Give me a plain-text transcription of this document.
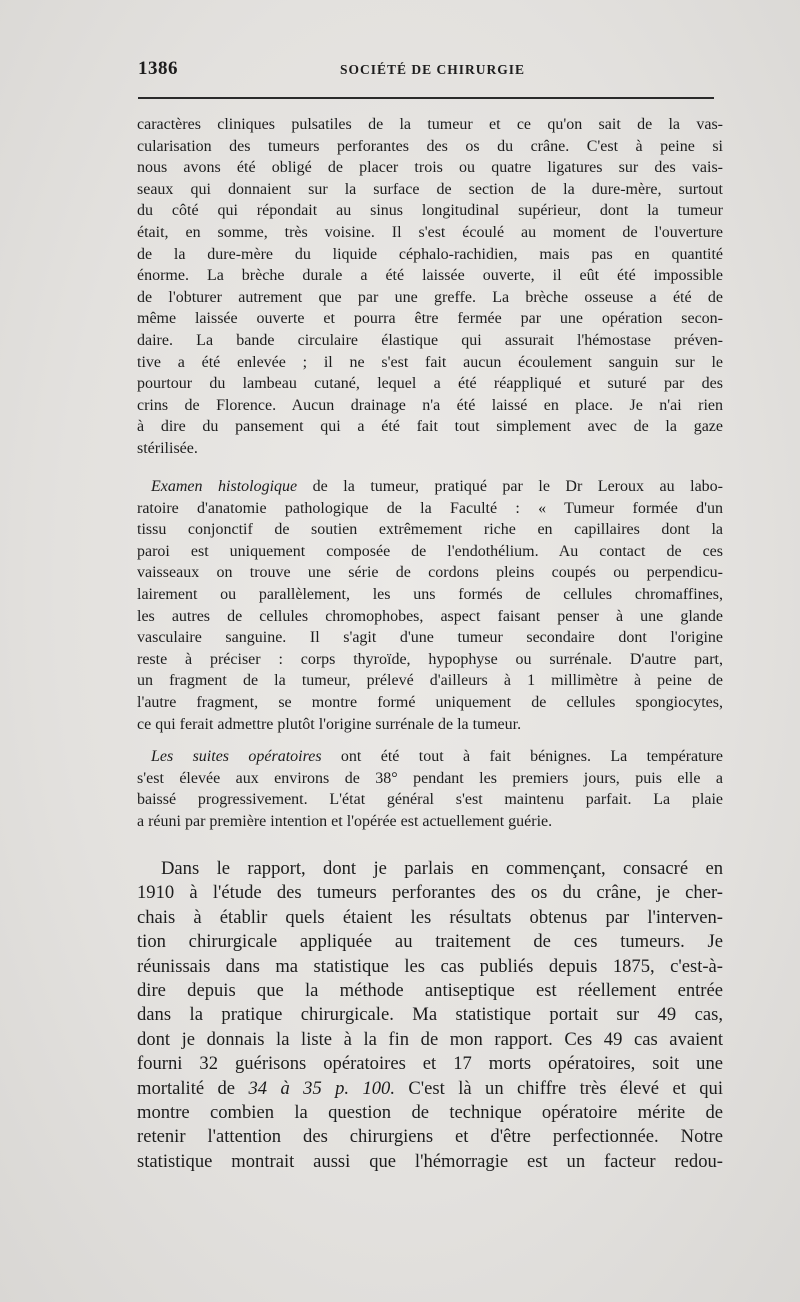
1386	SOCIÉTÉ DE CHIRURGIE
caractères cliniques pulsatiles de la tumeur et ce qu'on sait de la vas-
cularisation des tumeurs perforantes des os du crâne. C'est à peine si
nous avons été obligé de placer trois ou quatre ligatures sur des vais-
seaux qui donnaient sur la surface de section de la dure-mère, surtout
du côté qui répondait au sinus longitudinal supérieur, dont la tumeur
était, en somme, très voisine. Il s'est écoulé au moment de l'ouverture
de la dure-mère du liquide céphalo-rachidien, mais pas en quantité
énorme. La brèche durale a été laissée ouverte, il eût été impossible
de l'obturer autrement que par une greffe. La brèche osseuse a été de
même laissée ouverte et pourra être fermée par une opération secon-
daire. La bande circulaire élastique qui assurait l'hémostase préven-
tive a été enlevée ; il ne s'est fait aucun écoulement sanguin sur le
pourtour du lambeau cutané, lequel a été réappliqué et suturé par des
crins de Florence. Aucun drainage n'a été laissé en place. Je n'ai rien
à dire du pansement qui a été fait tout simplement avec de la gaze
stérilisée.
Examen histologique de la tumeur, pratiqué par le Dr Leroux au labo-
ratoire d'anatomie pathologique de la Faculté : « Tumeur formée d'un
tissu conjonctif de soutien extrêmement riche en capillaires dont la
paroi est uniquement composée de l'endothélium. Au contact de ces
vaisseaux on trouve une série de cordons pleins coupés ou perpendicu-
lairement ou parallèlement, les uns formés de cellules chromaffines,
les autres de cellules chromophobes, aspect faisant penser à une glande
vasculaire sanguine. Il s'agit d'une tumeur secondaire dont l'origine
reste à préciser : corps thyroïde, hypophyse ou surrénale. D'autre part,
un fragment de la tumeur, prélevé d'ailleurs à 1 millimètre à peine de
l'autre fragment, se montre formé uniquement de cellules spongiocytes,
ce qui ferait admettre plutôt l'origine surrénale de la tumeur.
Les suites opératoires ont été tout à fait bénignes. La température
s'est élevée aux environs de 38° pendant les premiers jours, puis elle a
baissé progressivement. L'état général s'est maintenu parfait. La plaie
a réuni par première intention et l'opérée est actuellement guérie.
Dans le rapport, dont je parlais en commençant, consacré en
1910 à l'étude des tumeurs perforantes des os du crâne, je cher-
chais à établir quels étaient les résultats obtenus par l'interven-
tion chirurgicale appliquée au traitement de ces tumeurs. Je
réunissais dans ma statistique les cas publiés depuis 1875, c'est-à-
dire depuis que la méthode antiseptique est réellement entrée
dans la pratique chirurgicale. Ma statistique portait sur 49 cas,
dont je donnais la liste à la fin de mon rapport. Ces 49 cas avaient
fourni 32 guérisons opératoires et 17 morts opératoires, soit une
mortalité de 34 à 35 p. 100. C'est là un chiffre très élevé et qui
montre combien la question de technique opératoire mérite de
retenir l'attention des chirurgiens et d'être perfectionnée. Notre
statistique montrait aussi que l'hémorragie est un facteur redou-
